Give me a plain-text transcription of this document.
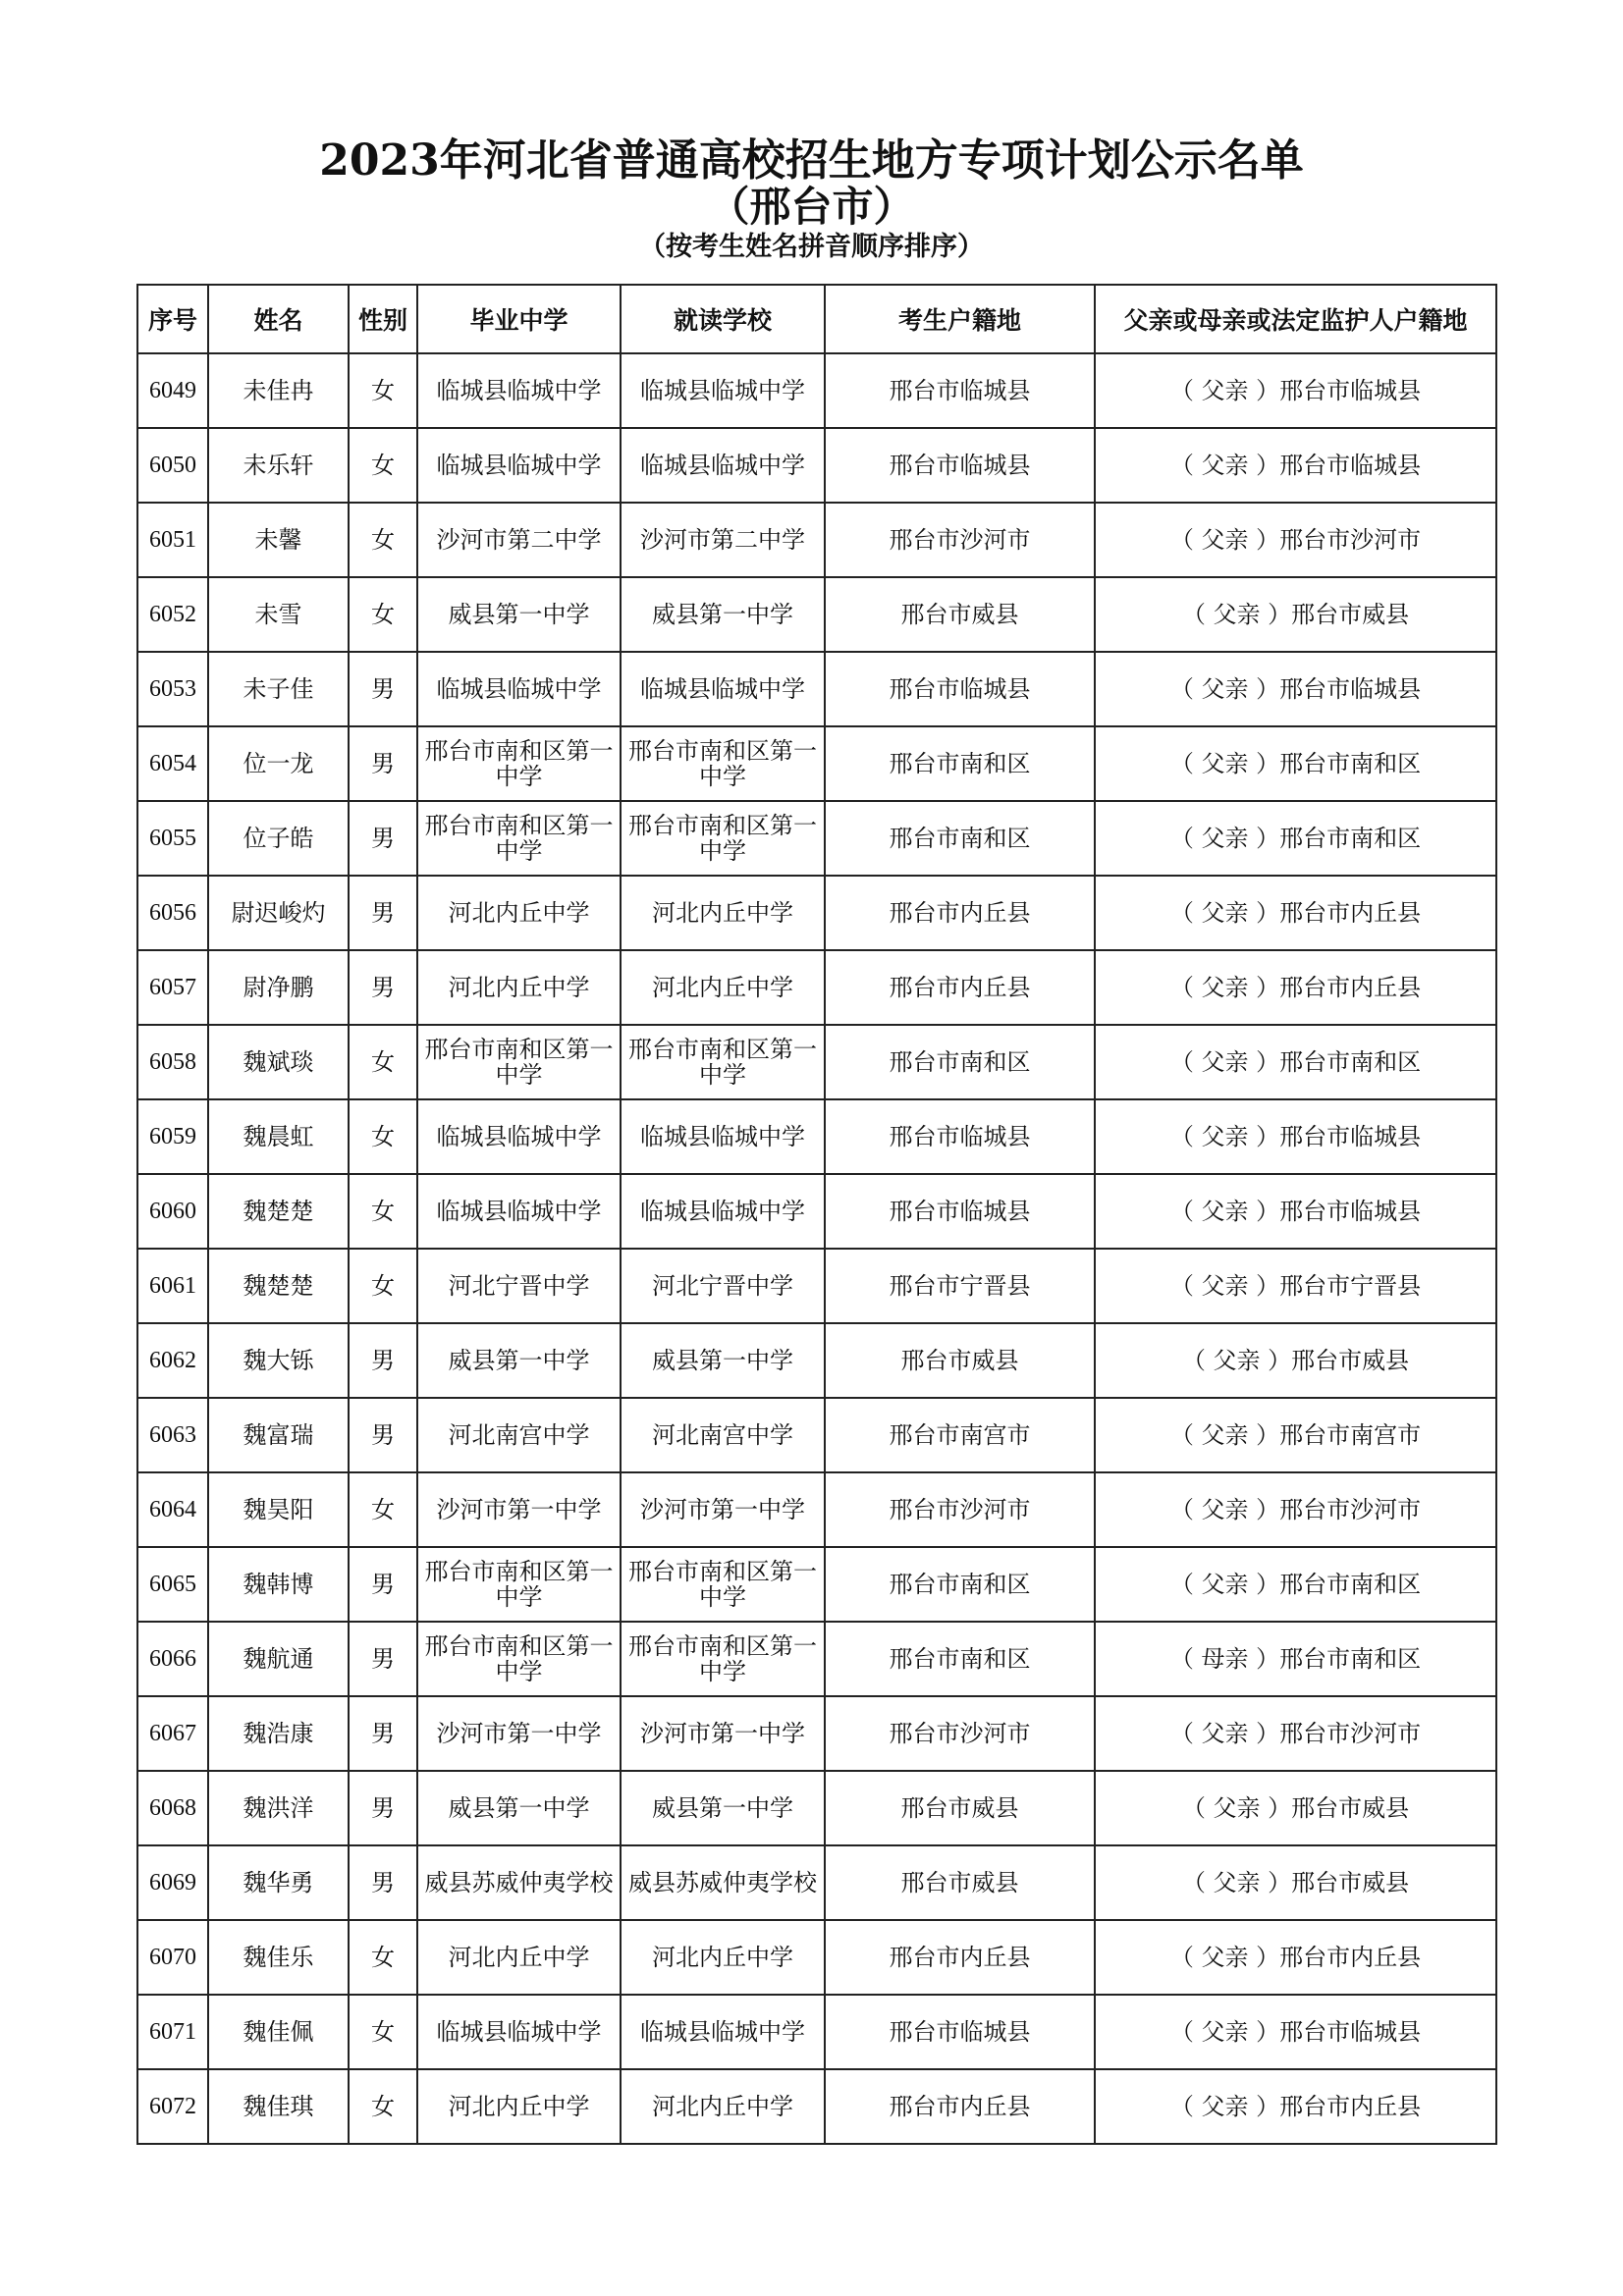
2023年河北省普通高校招生地方专项计划公示名单
（邢台市）
（按考生姓名拼音顺序排序）
序号	姓名	性别	毕业中学	就读学校	考生户籍地	父亲或母亲或法定监护人户籍地
6049	未佳冉	女	临城县临城中学	临城县临城中学	邢台市临城县	（ 父亲 ）邢台市临城县
6050	未乐轩	女	临城县临城中学	临城县临城中学	邢台市临城县	（ 父亲 ）邢台市临城县
6051	未馨	女	沙河市第二中学	沙河市第二中学	邢台市沙河市	（ 父亲 ）邢台市沙河市
6052	未雪	女	威县第一中学	威县第一中学	邢台市威县	（ 父亲 ）邢台市威县
6053	未子佳	男	临城县临城中学	临城县临城中学	邢台市临城县	（ 父亲 ）邢台市临城县
6054	位一龙	男	邢台市南和区第一中学	邢台市南和区第一中学	邢台市南和区	（ 父亲 ）邢台市南和区
6055	位子皓	男	邢台市南和区第一中学	邢台市南和区第一中学	邢台市南和区	（ 父亲 ）邢台市南和区
6056	尉迟峻灼	男	河北内丘中学	河北内丘中学	邢台市内丘县	（ 父亲 ）邢台市内丘县
6057	尉净鹏	男	河北内丘中学	河北内丘中学	邢台市内丘县	（ 父亲 ）邢台市内丘县
6058	魏斌琰	女	邢台市南和区第一中学	邢台市南和区第一中学	邢台市南和区	（ 父亲 ）邢台市南和区
6059	魏晨虹	女	临城县临城中学	临城县临城中学	邢台市临城县	（ 父亲 ）邢台市临城县
6060	魏楚楚	女	临城县临城中学	临城县临城中学	邢台市临城县	（ 父亲 ）邢台市临城县
6061	魏楚楚	女	河北宁晋中学	河北宁晋中学	邢台市宁晋县	（ 父亲 ）邢台市宁晋县
6062	魏大铄	男	威县第一中学	威县第一中学	邢台市威县	（ 父亲 ）邢台市威县
6063	魏富瑞	男	河北南宫中学	河北南宫中学	邢台市南宫市	（ 父亲 ）邢台市南宫市
6064	魏昊阳	女	沙河市第一中学	沙河市第一中学	邢台市沙河市	（ 父亲 ）邢台市沙河市
6065	魏韩博	男	邢台市南和区第一中学	邢台市南和区第一中学	邢台市南和区	（ 父亲 ）邢台市南和区
6066	魏航通	男	邢台市南和区第一中学	邢台市南和区第一中学	邢台市南和区	（ 母亲 ）邢台市南和区
6067	魏浩康	男	沙河市第一中学	沙河市第一中学	邢台市沙河市	（ 父亲 ）邢台市沙河市
6068	魏洪洋	男	威县第一中学	威县第一中学	邢台市威县	（ 父亲 ）邢台市威县
6069	魏华勇	男	威县苏威仲夷学校	威县苏威仲夷学校	邢台市威县	（ 父亲 ）邢台市威县
6070	魏佳乐	女	河北内丘中学	河北内丘中学	邢台市内丘县	（ 父亲 ）邢台市内丘县
6071	魏佳佩	女	临城县临城中学	临城县临城中学	邢台市临城县	（ 父亲 ）邢台市临城县
6072	魏佳琪	女	河北内丘中学	河北内丘中学	邢台市内丘县	（ 父亲 ）邢台市内丘县
